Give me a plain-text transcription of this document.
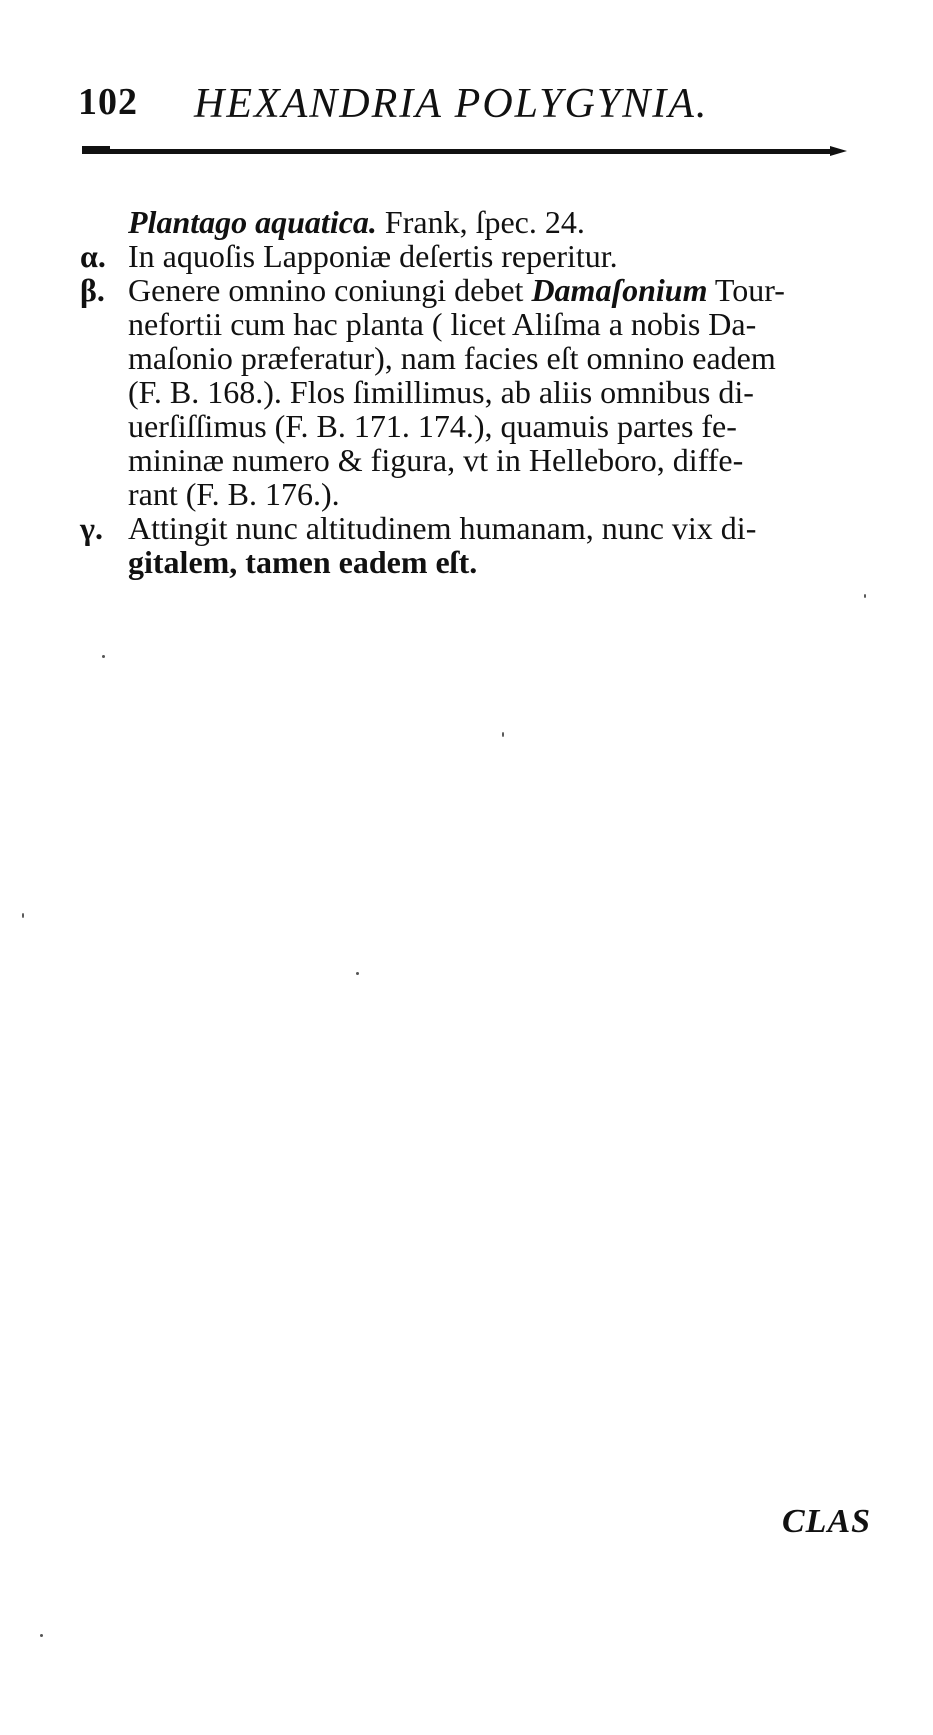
102 HEXANDRIA POLYGYNIA.
Plantago aquatica. Frank, ſpec. 24.
α. In aquoſis Lapponiæ deſertis reperitur.
β. Genere omnino coniungi debet Damaſonium Tour-
nefortii cum hac planta ( licet Aliſma a nobis Da-
maſonio præferatur), nam facies eſt omnino eadem
(F. B. 168.). Flos ſimillimus, ab aliis omnibus di-
uerſiſſimus (F. B. 171. 174.), quamuis partes fe-
mininæ numero & figura, vt in Helleboro, diffe-
rant (F. B. 176.).
γ. Attingit nunc altitudinem humanam, nunc vix di-
gitalem, tamen eadem eſt.
CLAS
